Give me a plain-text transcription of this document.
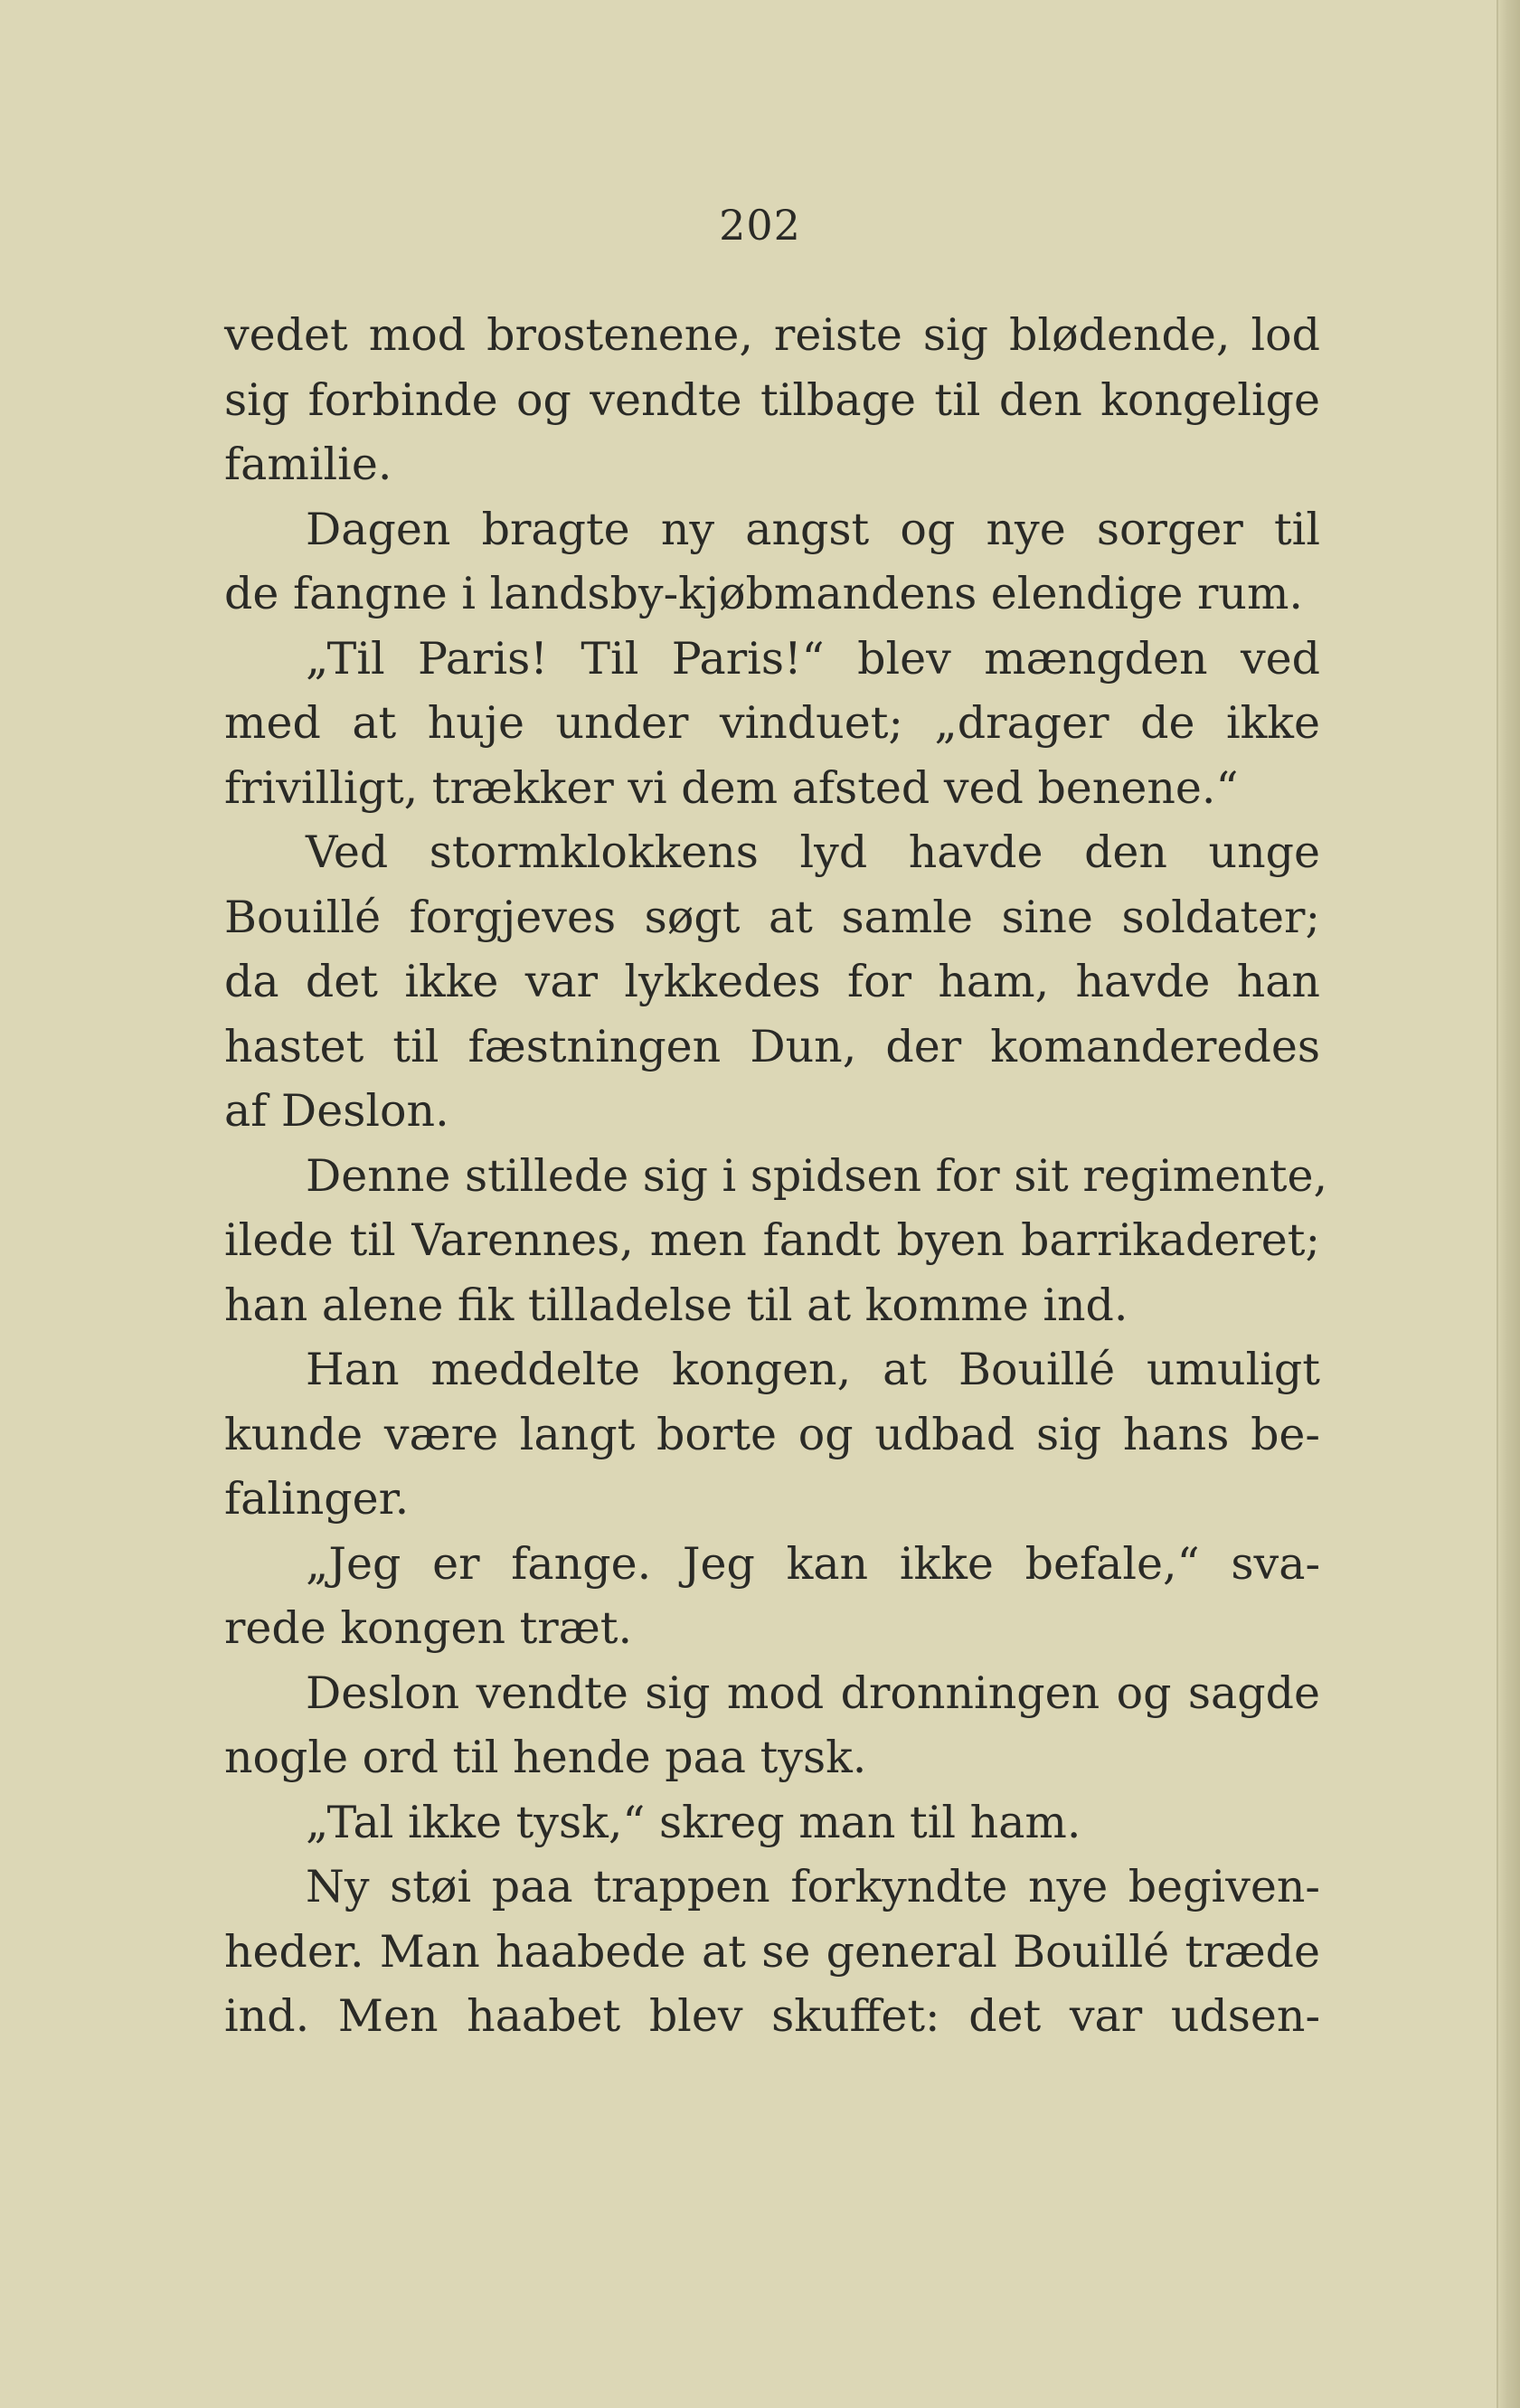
202
vedet mod brostenene, reiste sig blødende, lod
sig forbinde og vendte tilbage til den kongelige
familie.
Dagen bragte ny angst og nye sorger til
de fangne i landsby-kjøbmandens elendige rum.
„Til Paris! Til Paris!“ blev mængden ved
med at huje under vinduet; „drager de ikke
frivilligt, trækker vi dem afsted ved benene.“
Ved stormklokkens lyd havde den unge
Bouillé forgjeves søgt at samle sine soldater;
da det ikke var lykkedes for ham, havde han
hastet til fæstningen Dun, der komanderedes
af Deslon.
Denne stillede sig i spidsen for sit regimente,
ilede til Varennes, men fandt byen barrikaderet;
han alene fik tilladelse til at komme ind.
Han meddelte kongen, at Bouillé umuligt
kunde være langt borte og udbad sig hans be-
falinger.
„Jeg er fange. Jeg kan ikke befale,“ sva-
rede kongen træt.
Deslon vendte sig mod dronningen og sagde
nogle ord til hende paa tysk.
„Tal ikke tysk,“ skreg man til ham.
Ny støi paa trappen forkyndte nye begiven-
heder. Man haabede at se general Bouillé træde
ind. Men haabet blev skuffet: det var udsen-
